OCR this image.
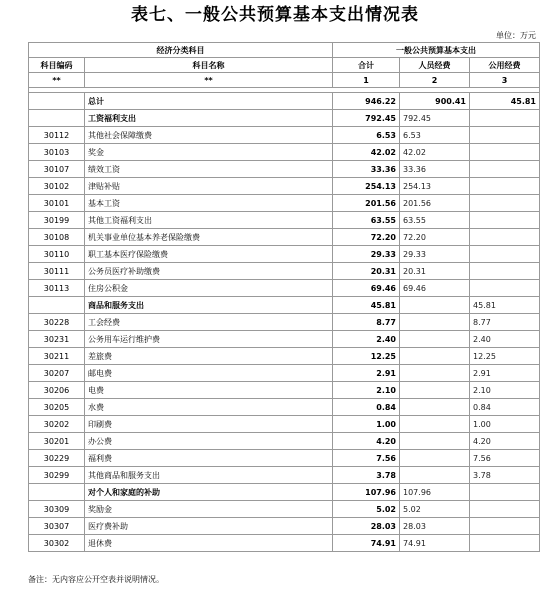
表七、一般公共预算基本支出情况表
单位：万元
经济分类科目		一般公共预算基本支出		
科目编码	科目名称	合计	人员经费	公用经费
**	**	1	2	3

	总计	946.22	900.41	45.81
	工资福利支出	792.45	792.45	
30112	其他社会保障缴费	6.53	6.53	
30103	奖金	42.02	42.02	
30107	绩效工资	33.36	33.36	
30102	津贴补贴	254.13	254.13	
30101	基本工资	201.56	201.56	
30199	其他工资福利支出	63.55	63.55	
30108	机关事业单位基本养老保险缴费	72.20	72.20	
30110	职工基本医疗保险缴费	29.33	29.33	
30111	公务员医疗补助缴费	20.31	20.31	
30113	住房公积金	69.46	69.46	
	商品和服务支出	45.81		45.81
30228	工会经费	8.77		8.77
30231	公务用车运行维护费	2.40		2.40
30211	差旅费	12.25		12.25
30207	邮电费	2.91		2.91
30206	电费	2.10		2.10
30205	水费	0.84		0.84
30202	印刷费	1.00		1.00
30201	办公费	4.20		4.20
30229	福利费	7.56		7.56
30299	其他商品和服务支出	3.78		3.78
	对个人和家庭的补助	107.96	107.96	
30309	奖励金	5.02	5.02	
30307	医疗费补助	28.03	28.03	
30302	退休费	74.91	74.91	
备注：无内容应公开空表并说明情况。
